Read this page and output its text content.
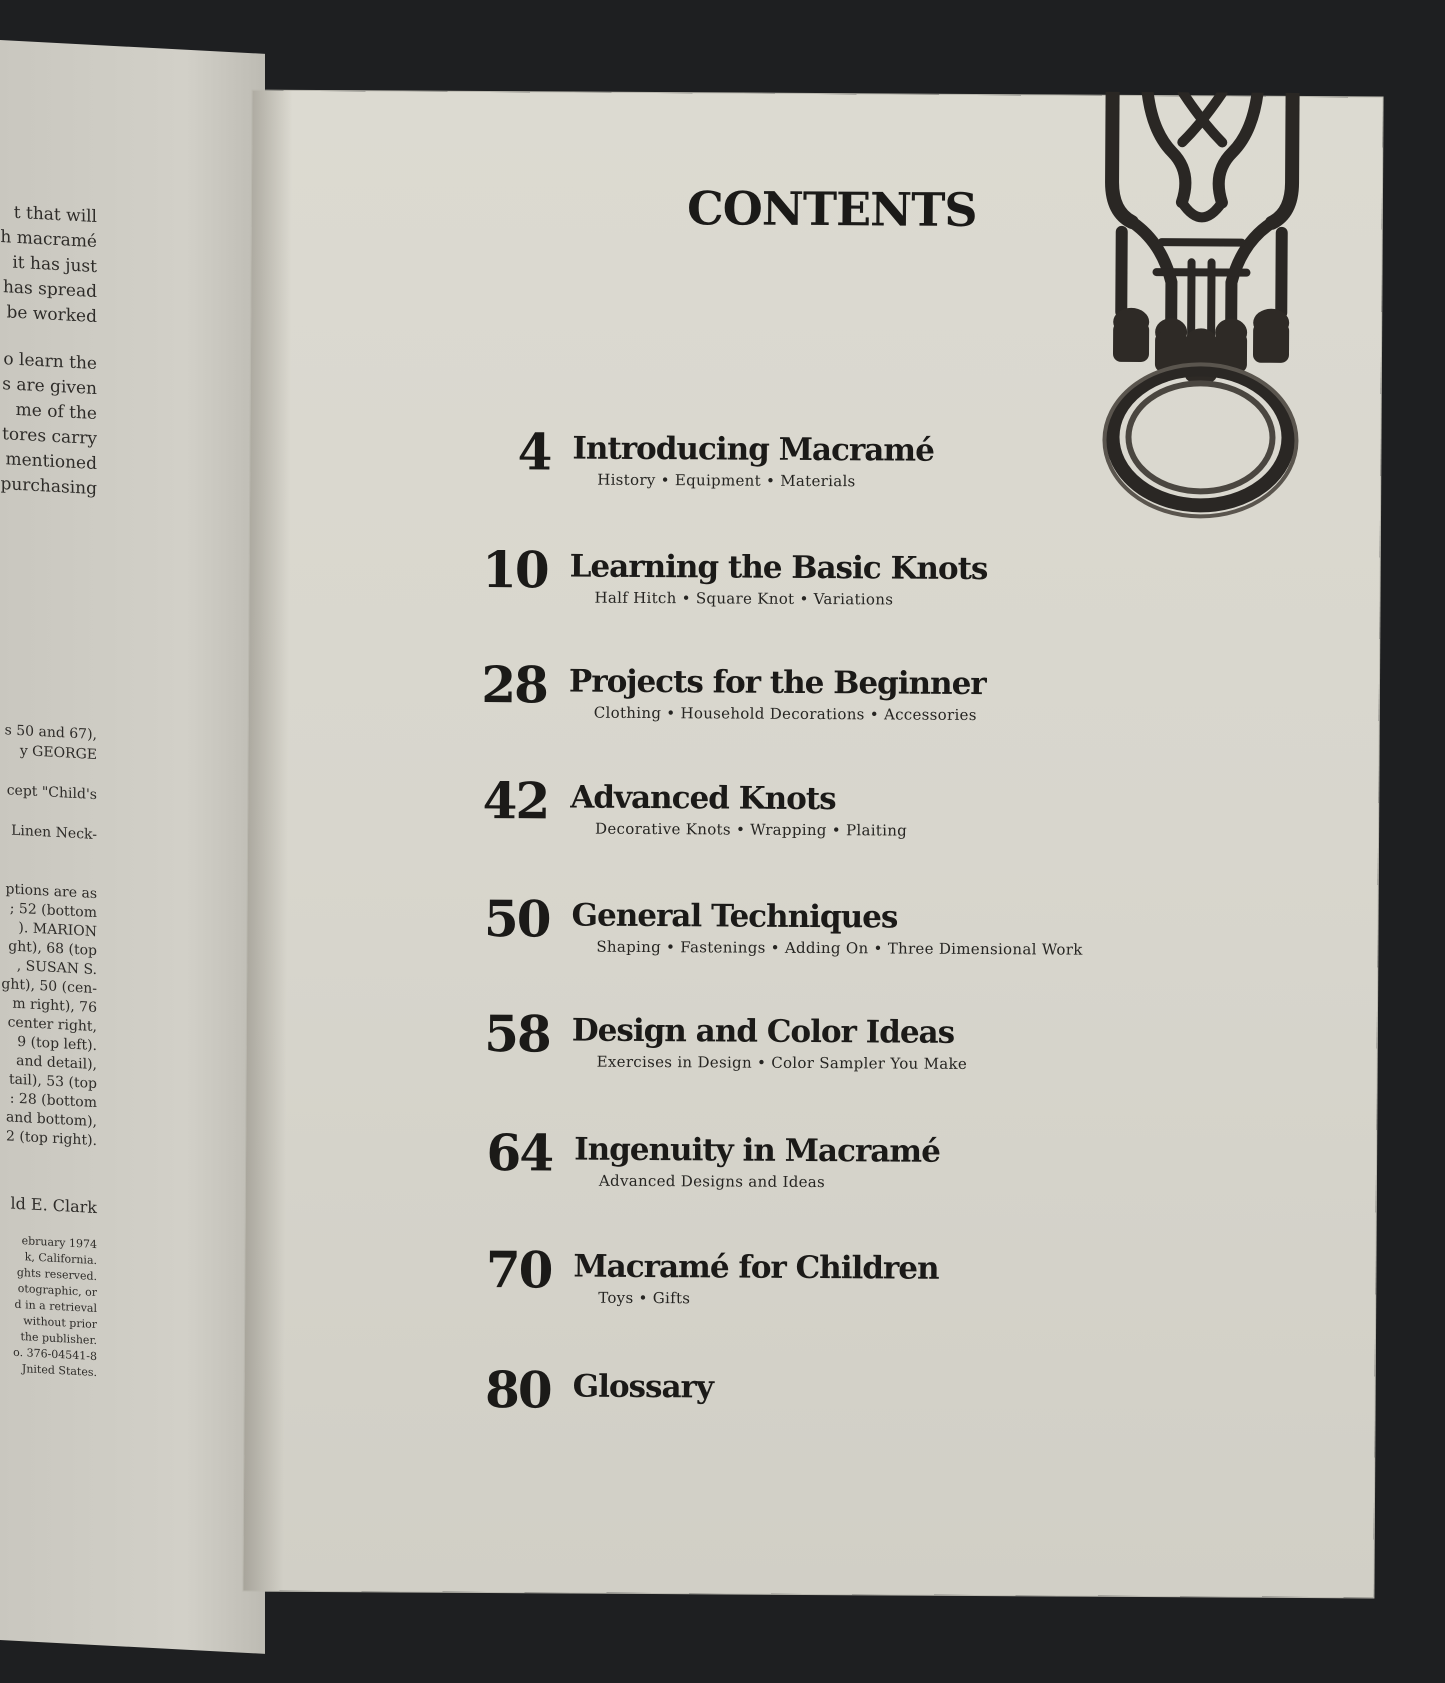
t that will
h macramé
it has just
has spread
be worked
o learn the
s are given
me of the
tores carry
mentioned
purchasing
s 50 and 67),
y GEORGE

cept "Child's

Linen Neck-
ptions are as
; 52 (bottom
). MARION
ght), 68 (top
, SUSAN S.
ght), 50 (cen-
m right), 76
center right,
9 (top left).
and detail),
tail), 53 (top
: 28 (bottom
and bottom),
2 (top right).
ld E. Clark
ebruary 1974
k, California.
ghts reserved.
otographic, or
d in a retrieval
without prior
the publisher.
o. 376-04541-8
Jnited States.
CONTENTS
4 Introducing Macramé
History • Equipment • Materials
10 Learning the Basic Knots
Half Hitch • Square Knot • Variations
28 Projects for the Beginner
Clothing • Household Decorations • Accessories
42 Advanced Knots
Decorative Knots • Wrapping • Plaiting
50 General Techniques
Shaping • Fastenings • Adding On • Three Dimensional Work
58 Design and Color Ideas
Exercises in Design • Color Sampler You Make
64 Ingenuity in Macramé
Advanced Designs and Ideas
70 Macramé for Children
Toys • Gifts
80 Glossary
